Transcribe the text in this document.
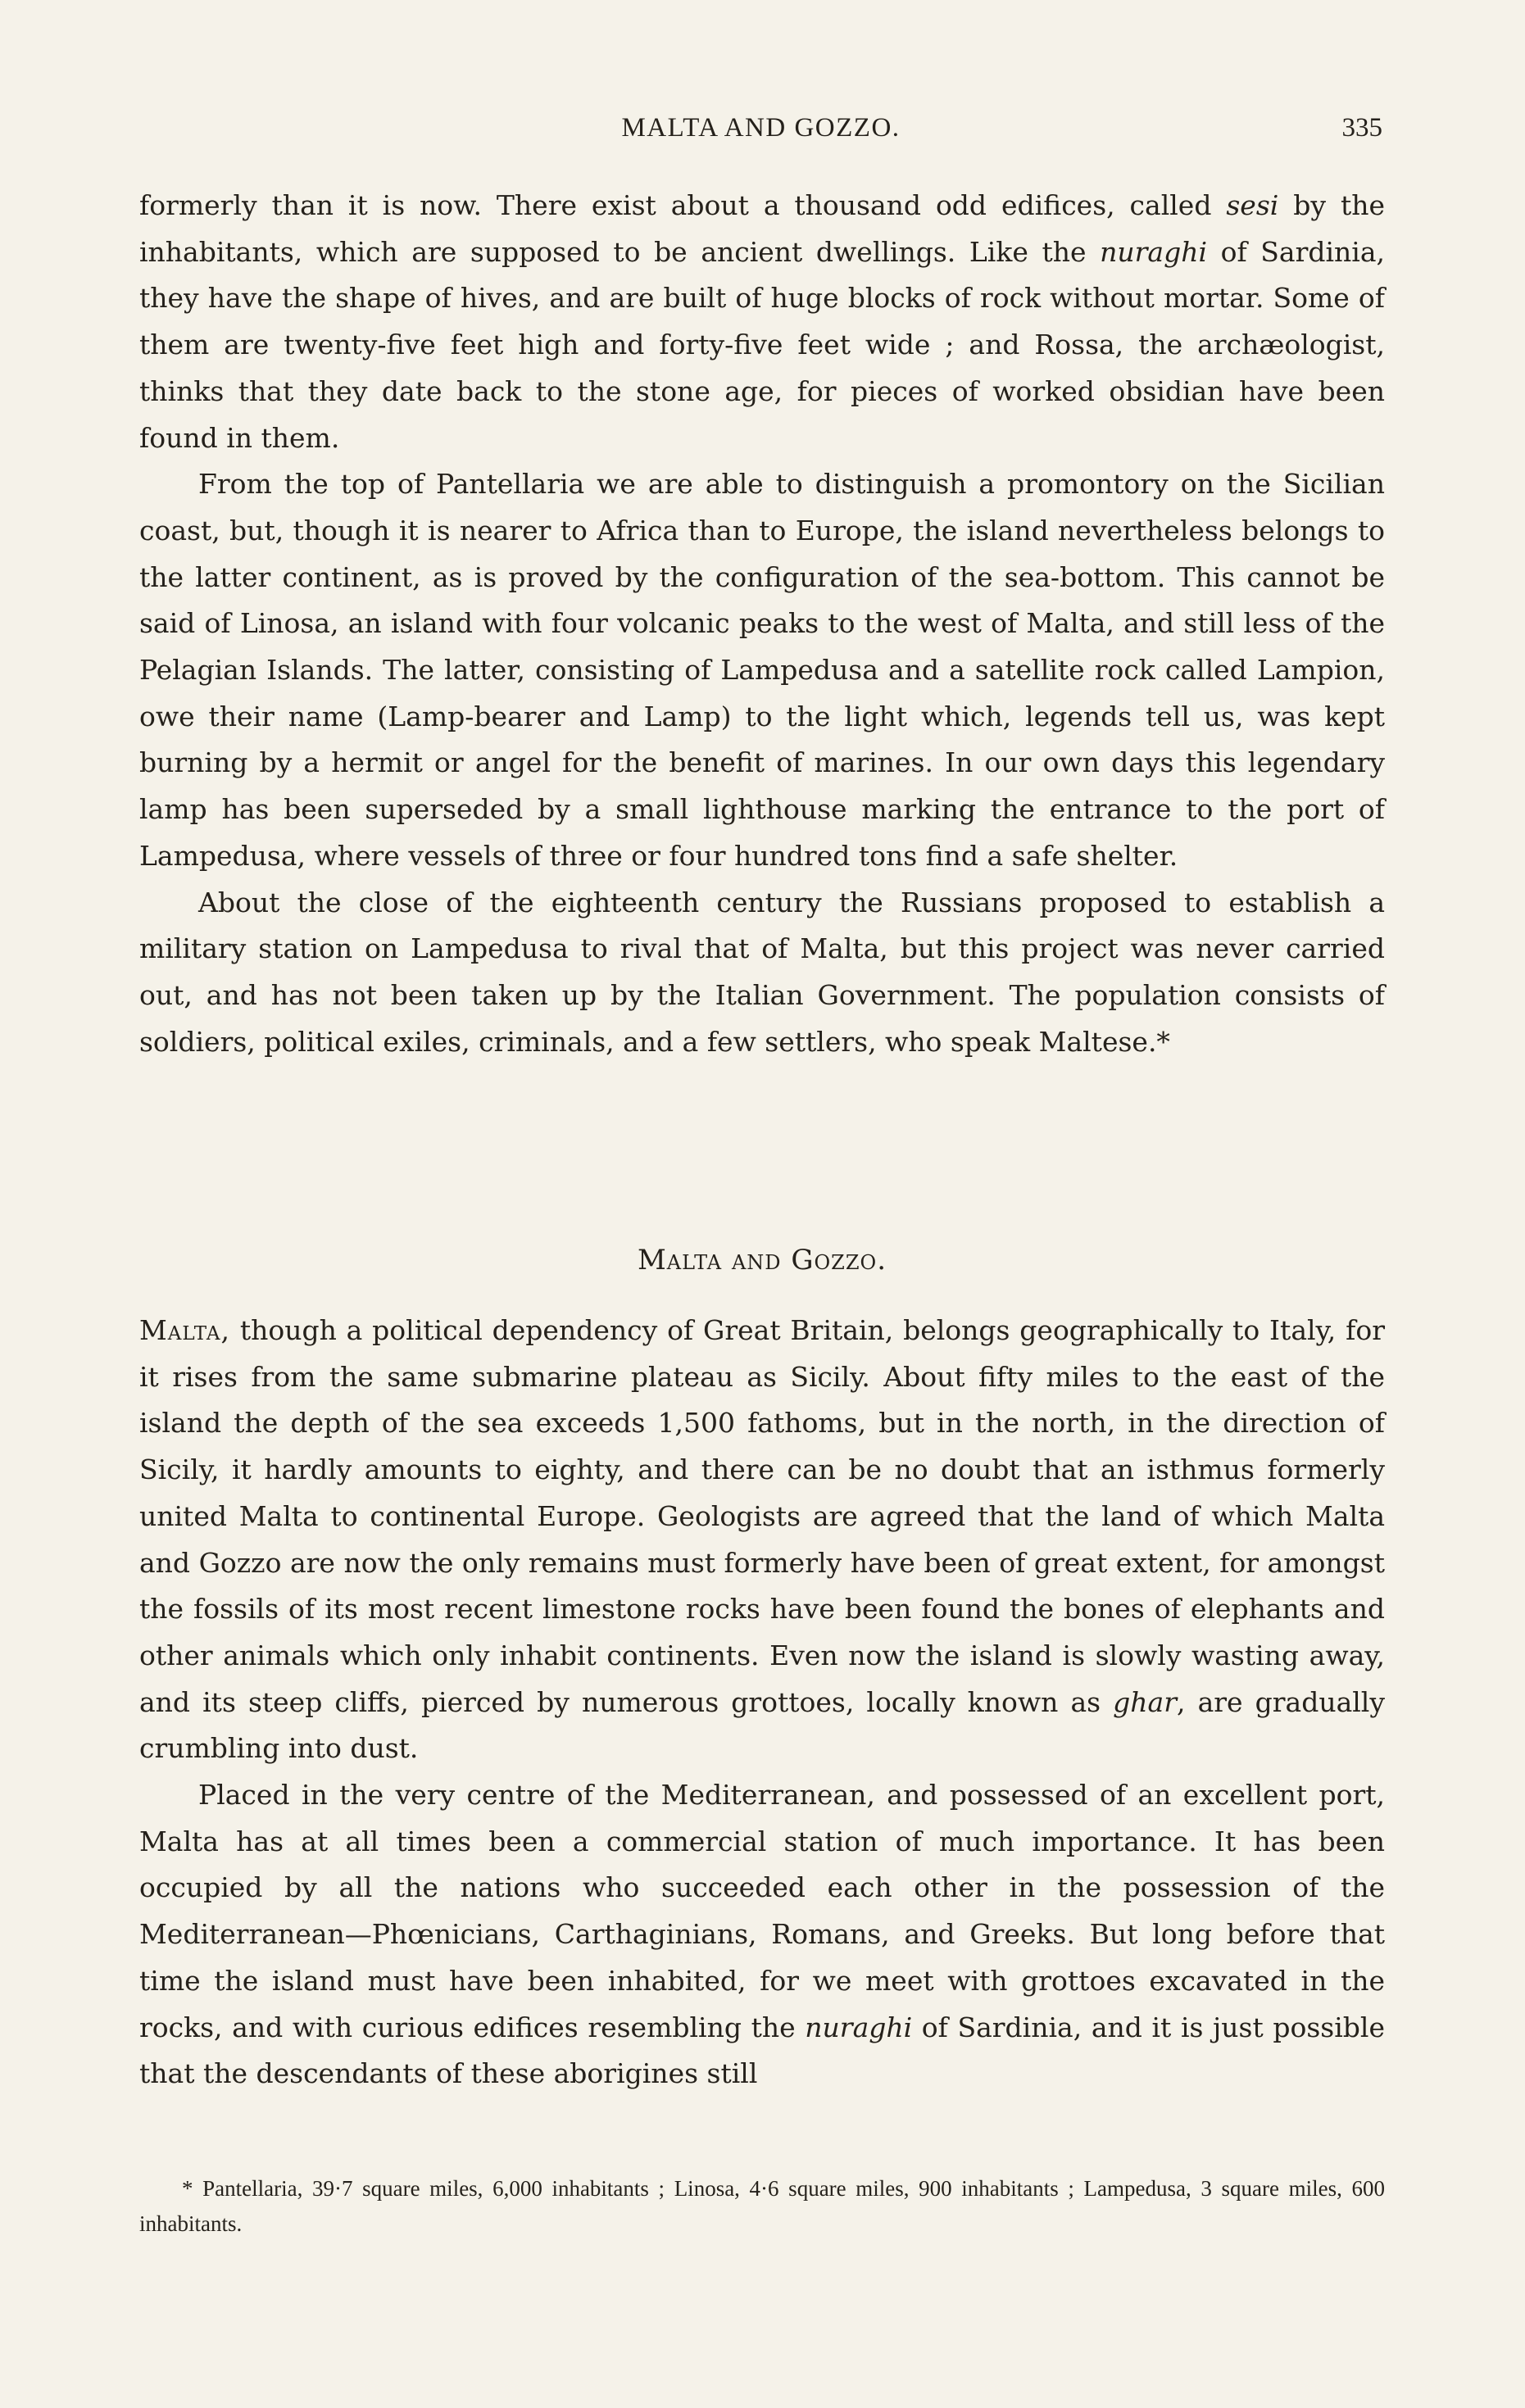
MALTA AND GOZZO.	335

formerly than it is now. There exist about a thousand odd edifices, called sesi by the inhabitants, which are supposed to be ancient dwellings. Like the nuraghi of Sardinia, they have the shape of hives, and are built of huge blocks of rock without mortar. Some of them are twenty-five feet high and forty-five feet wide ; and Rossa, the archæologist, thinks that they date back to the stone age, for pieces of worked obsidian have been found in them.

From the top of Pantellaria we are able to distinguish a promontory on the Sicilian coast, but, though it is nearer to Africa than to Europe, the island nevertheless belongs to the latter continent, as is proved by the configuration of the sea-bottom. This cannot be said of Linosa, an island with four volcanic peaks to the west of Malta, and still less of the Pelagian Islands. The latter, consisting of Lampedusa and a satellite rock called Lampion, owe their name (Lamp-bearer and Lamp) to the light which, legends tell us, was kept burning by a hermit or angel for the benefit of marines. In our own days this legendary lamp has been superseded by a small lighthouse marking the entrance to the port of Lampedusa, where vessels of three or four hundred tons find a safe shelter.

About the close of the eighteenth century the Russians proposed to establish a military station on Lampedusa to rival that of Malta, but this project was never carried out, and has not been taken up by the Italian Government. The population consists of soldiers, political exiles, criminals, and a few settlers, who speak Maltese.*

Malta and Gozzo.

Malta, though a political dependency of Great Britain, belongs geographically to Italy, for it rises from the same submarine plateau as Sicily. About fifty miles to the east of the island the depth of the sea exceeds 1,500 fathoms, but in the north, in the direction of Sicily, it hardly amounts to eighty, and there can be no doubt that an isthmus formerly united Malta to continental Europe. Geologists are agreed that the land of which Malta and Gozzo are now the only remains must formerly have been of great extent, for amongst the fossils of its most recent limestone rocks have been found the bones of elephants and other animals which only inhabit continents. Even now the island is slowly wasting away, and its steep cliffs, pierced by numerous grottoes, locally known as ghar, are gradually crumbling into dust.

Placed in the very centre of the Mediterranean, and possessed of an excellent port, Malta has at all times been a commercial station of much importance. It has been occupied by all the nations who succeeded each other in the possession of the Mediterranean—Phœnicians, Carthaginians, Romans, and Greeks. But long before that time the island must have been inhabited, for we meet with grottoes excavated in the rocks, and with curious edifices resembling the nuraghi of Sardinia, and it is just possible that the descendants of these aborigines still

* Pantellaria, 39·7 square miles, 6,000 inhabitants ; Linosa, 4·6 square miles, 900 inhabitants ; Lampedusa, 3 square miles, 600 inhabitants.
